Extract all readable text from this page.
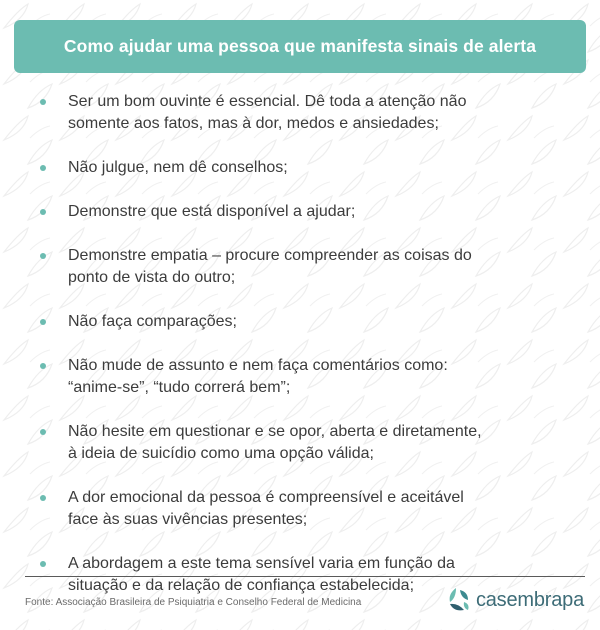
Como ajudar uma pessoa que manifesta sinais de alerta
Ser um bom ouvinte é essencial. Dê toda a atenção não
somente aos fatos, mas à dor, medos e ansiedades;
Não julgue, nem dê conselhos;
Demonstre que está disponível a ajudar;
Demonstre empatia – procure compreender as coisas do
ponto de vista do outro;
Não faça comparações;
Não mude de assunto e nem faça comentários como:
“anime-se”, “tudo correrá bem”;
Não hesite em questionar e se opor, aberta e diretamente,
à ideia de suicídio como uma opção válida;
A dor emocional da pessoa é compreensível e aceitável
face às suas vivências presentes;
A abordagem a este tema sensível varia em função da
situação e da relação de confiança estabelecida;
Fonte: Associação Brasileira de Psiquiatria e Conselho Federal de Medicina	casembrapa
